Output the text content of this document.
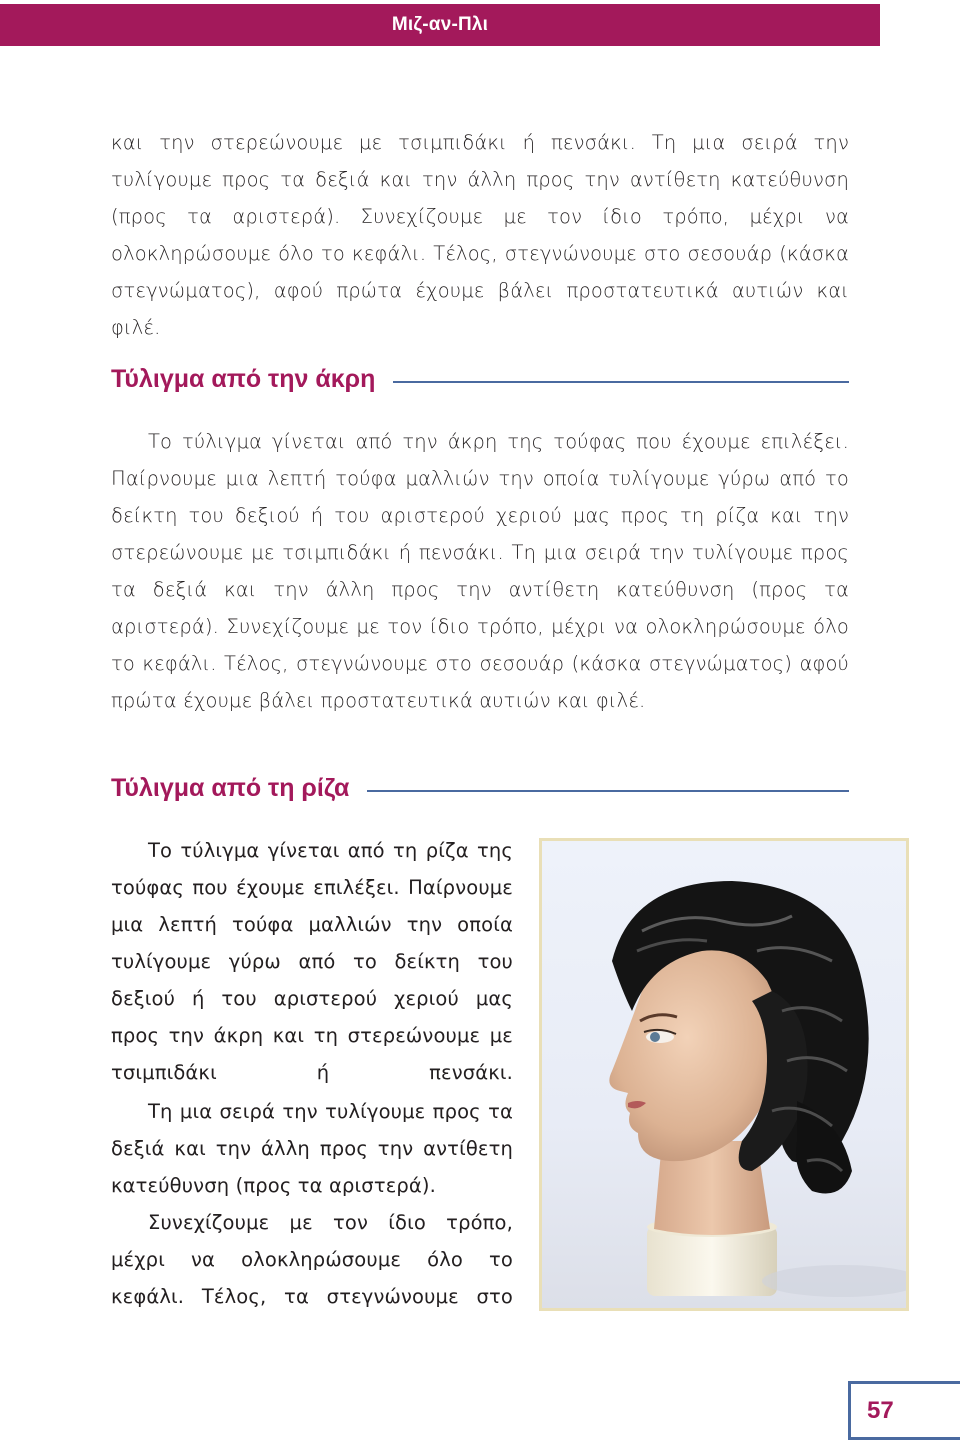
Μιζ-αν-Πλι

και την στερεώνουμε με τσιμπιδάκι ή πενσάκι. Τη μια σειρά την τυλίγουμε προς τα δεξιά και την άλλη προς την αντίθετη κατεύθυνση (προς τα αριστερά). Συνεχίζουμε με τον ίδιο τρόπο, μέχρι να ολοκληρώσουμε όλο το κεφάλι. Τέλος, στεγνώνουμε στο σεσουάρ (κάσκα στεγνώματος), αφού πρώτα έχουμε βάλει προστατευτικά αυτιών και φιλέ.

Τύλιγμα από την άκρη

Το τύλιγμα γίνεται από την άκρη της τούφας που έχουμε επιλέξει. Παίρνουμε μια λεπτή τούφα μαλλιών την οποία τυλίγουμε γύρω από το δείκτη του δεξιού ή του αριστερού χεριού μας προς τη ρίζα και την στερεώνουμε με τσιμπιδάκι ή πενσάκι. Τη μια σειρά την τυλίγουμε προς τα δεξιά και την άλλη προς την αντίθετη κατεύθυνση (προς τα αριστερά). Συνεχίζουμε με τον ίδιο τρόπο, μέχρι να ολοκληρώσουμε όλο το κεφάλι. Τέλος, στεγνώνουμε στο σεσουάρ (κάσκα στεγνώματος) αφού πρώτα έχουμε βάλει προστατευτικά αυτιών και φιλέ.

Τύλιγμα από τη ρίζα

Το τύλιγμα γίνεται από τη ρίζα της τούφας που έχουμε επιλέξει. Παίρνουμε μια λεπτή τούφα μαλλιών την οποία τυλίγουμε γύρω από το δείκτη του δεξιού ή του αριστερού χεριού μας προς την άκρη και τη στερεώνουμε με τσιμπιδάκι ή πενσάκι.

Τη μια σειρά την τυλίγουμε προς τα δεξιά και την άλλη προς την αντίθετη κατεύθυνση (προς τα αριστερά).

Συνεχίζουμε με τον ίδιο τρόπο, μέχρι να ολοκληρώσουμε όλο το κεφάλι. Τέλος, τα στεγνώνουμε στο

57
